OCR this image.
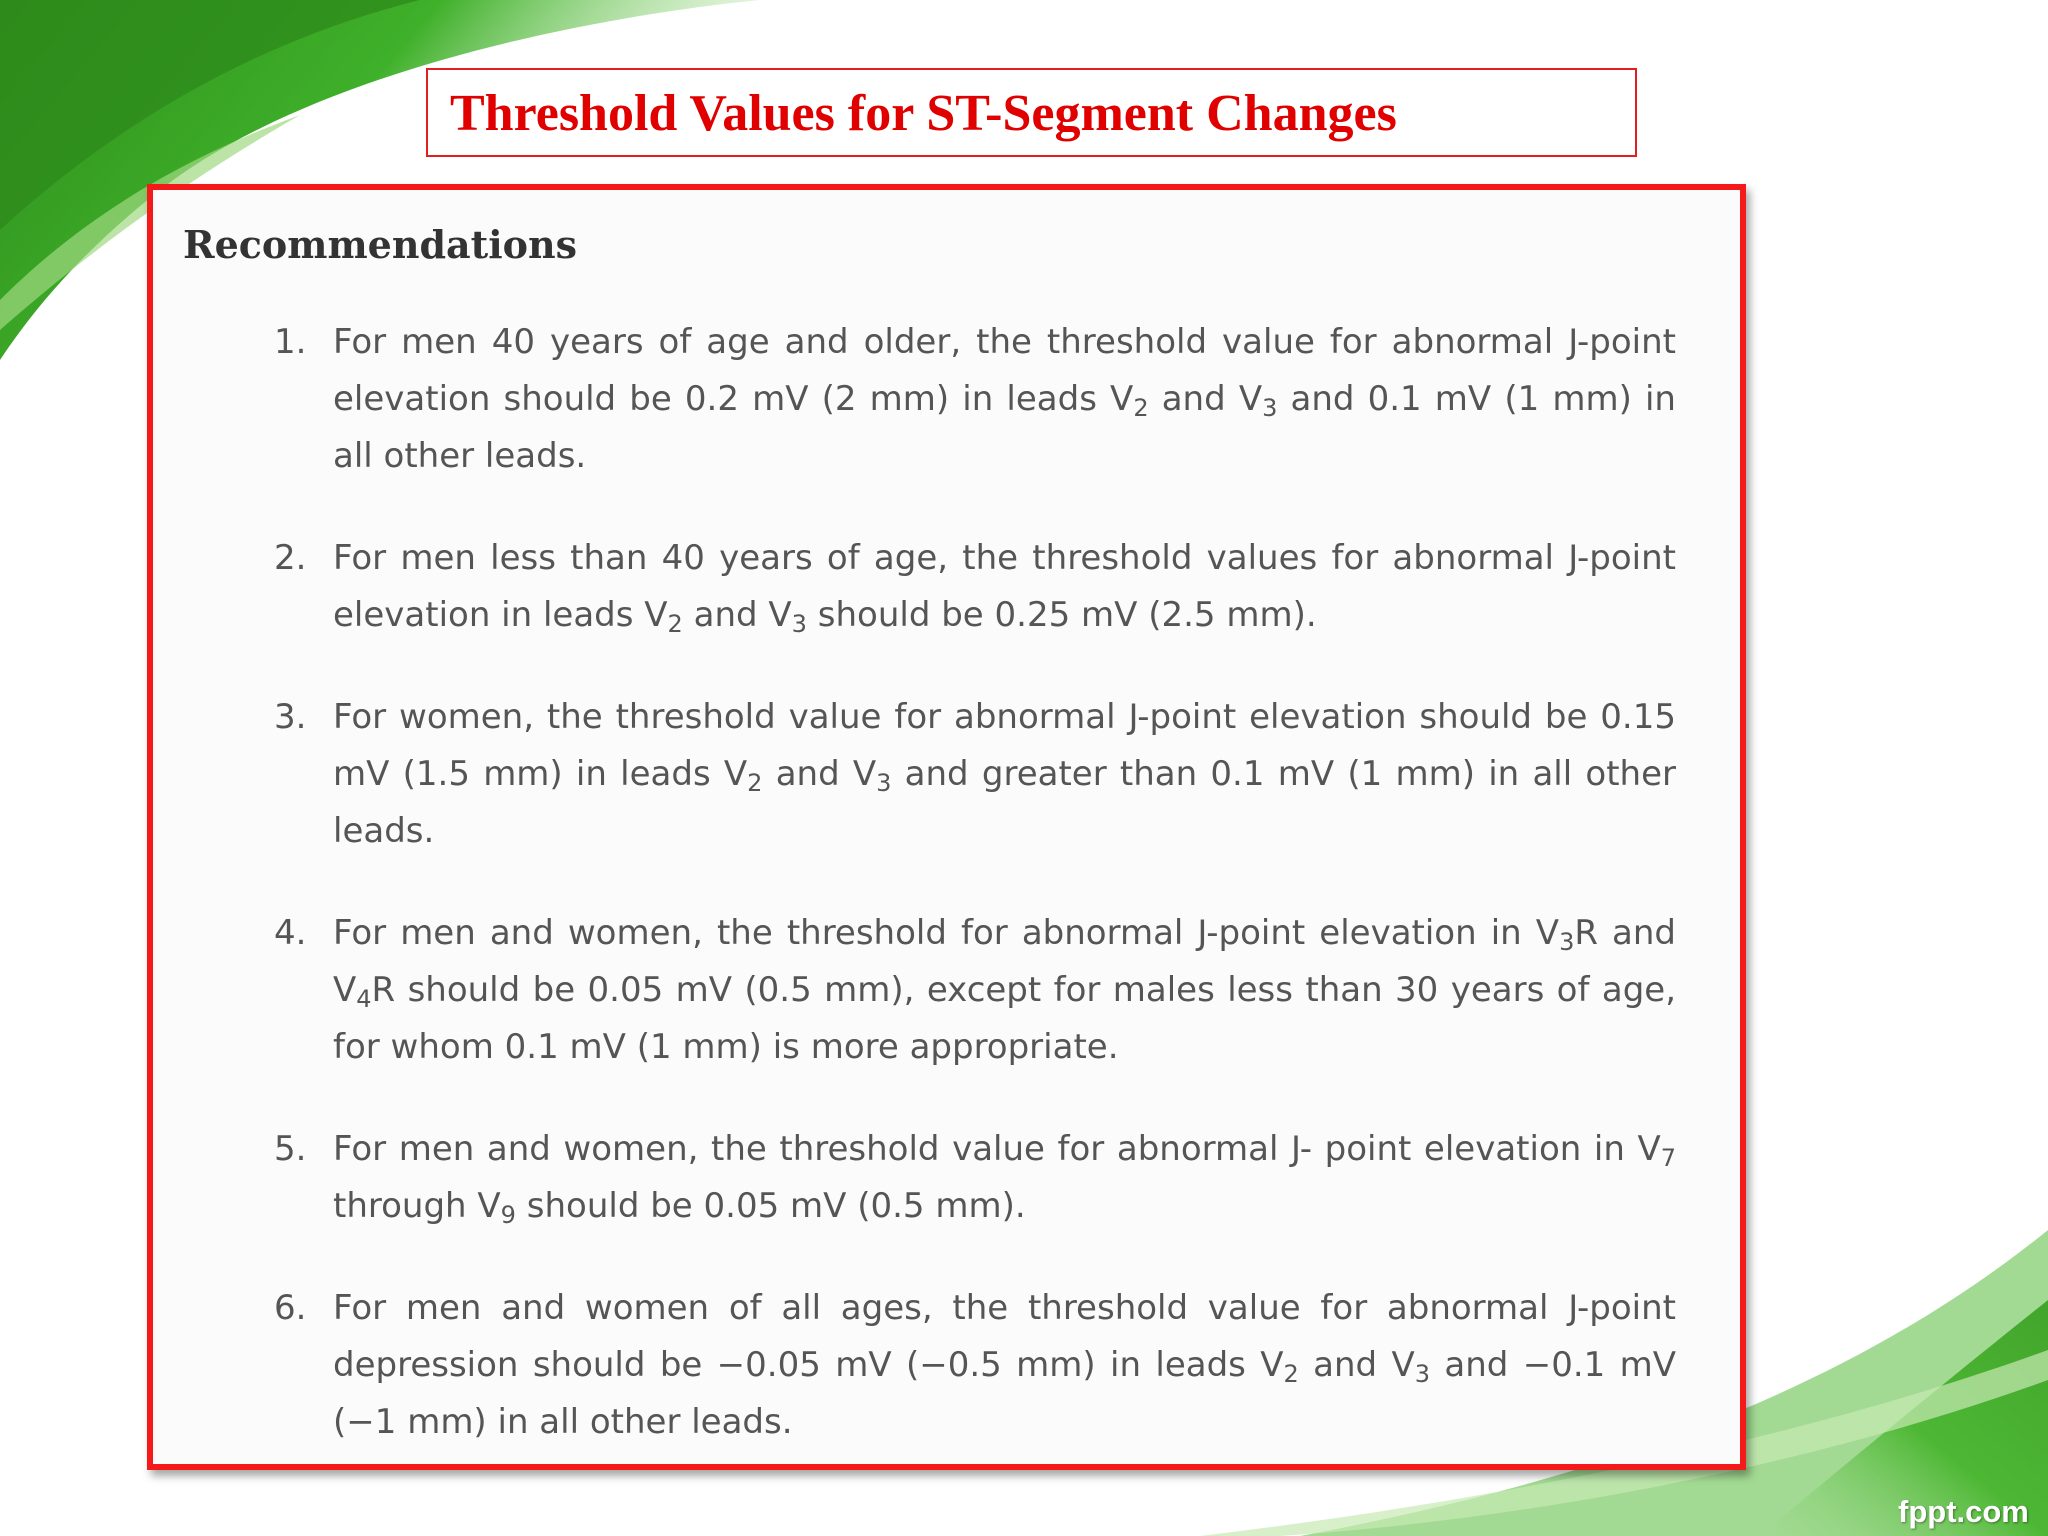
Threshold Values for ST-Segment Changes
Recommendations
1. For men 40 years of age and older, the threshold value for abnormal J-point elevation should be 0.2 mV (2 mm) in leads $V_2$ and $V_3$ and 0.1 mV (1 mm) in all other leads.
2. For men less than 40 years of age, the threshold values for abnormal J-point elevation in leads $V_2$ and $V_3$ should be 0.25 mV (2.5 mm).
3. For women, the threshold value for abnormal J-point elevation should be 0.15 mV (1.5 mm) in leads $V_2$ and $V_3$ and greater than 0.1 mV (1 mm) in all other leads.
4. For men and women, the threshold for abnormal J-point elevation in $V_3R$ and $V_4R$ should be 0.05 mV (0.5 mm), except for males less than 30 years of age, for whom 0.1 mV (1 mm) is more appropriate.
5. For men and women, the threshold value for abnormal J- point elevation in $V_7$ through $V_9$ should be 0.05 mV (0.5 mm).
6. For men and women of all ages, the threshold value for abnormal J-point depression should be −0.05 mV (−0.5 mm) in leads $V_2$ and $V_3$ and −0.1 mV (−1 mm) in all other leads.
fppt.com
